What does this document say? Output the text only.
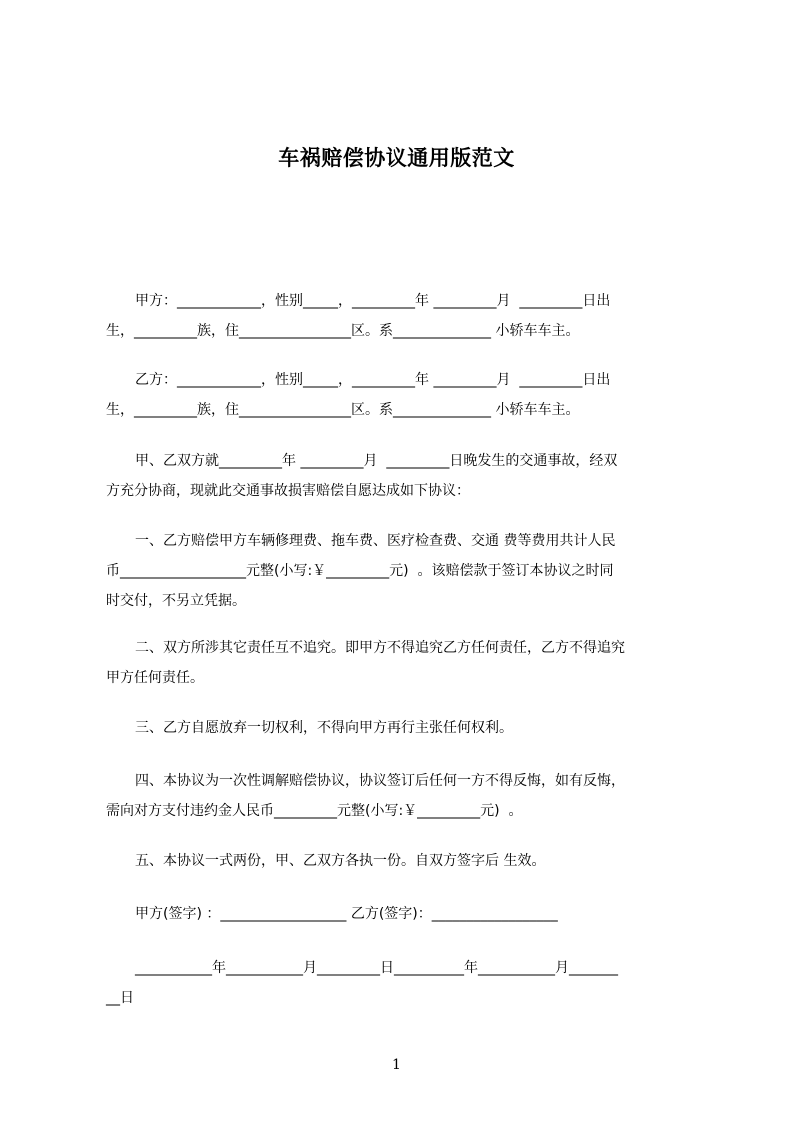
车祸赔偿协议通用版范文
甲方：____________，性别_____，_________年 _________月  _________日出
生，_________族，住________________区。系______________ 小轿车车主。
乙方：____________，性别_____，_________年 _________月  _________日出
生，_________族，住________________区。系______________ 小轿车车主。
甲、乙双方就_________年 _________月  _________日晚发生的交通事故，经双
方充分协商，现就此交通事故损害赔偿自愿达成如下协议：
一、乙方赔偿甲方车辆修理费、拖车费、医疗检查费、交通 费等费用共计人民
币__________________元整(小写:￥_________元)  。该赔偿款于签订本协议之时同
时交付，不另立凭据。
二、双方所涉其它责任互不追究。即甲方不得追究乙方任何责任，乙方不得追究
甲方任何责任。
三、乙方自愿放弃一切权利，不得向甲方再行主张任何权利。
四、本协议为一次性调解赔偿协议，协议签订后任何一方不得反悔，如有反悔，
需向对方支付违约金人民币_________元整(小写:￥_________元)  。
五、本协议一式两份，甲、乙双方各执一份。自双方签字后 生效。
甲方(签字) ：__________________ 乙方(签字)：__________________
___________年___________月_________日__________年___________月_______
__日
1
